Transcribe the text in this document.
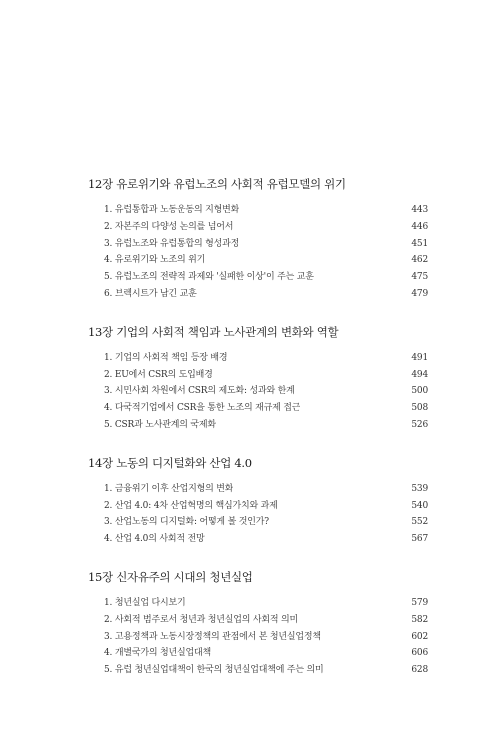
12장 유로위기와 유럽노조의 사회적 유럽모델의 위기
1. 유럽통합과 노동운동의 지형변화	443
2. 자본주의 다양성 논의를 넘어서	446
3. 유럽노조와 유럽통합의 형성과정	451
4. 유로위기와 노조의 위기	462
5. 유럽노조의 전략적 과제와 '실패한 이상'이 주는 교훈	475
6. 브렉시트가 남긴 교훈	479
13장 기업의 사회적 책임과 노사관계의 변화와 역할
1. 기업의 사회적 책임 등장 배경	491
2. EU에서 CSR의 도입배경	494
3. 시민사회 차원에서 CSR의 제도화: 성과와 한계	500
4. 다국적기업에서 CSR을 통한 노조의 재규제 접근	508
5. CSR과 노사관계의 국제화	526
14장 노동의 디지털화와 산업 4.0
1. 금융위기 이후 산업지형의 변화	539
2. 산업 4.0: 4차 산업혁명의 핵심가치와 과제	540
3. 산업노동의 디지털화: 어떻게 볼 것인가?	552
4. 산업 4.0의 사회적 전망	567
15장 신자유주의 시대의 청년실업
1. 청년실업 다시보기	579
2. 사회적 범주로서 청년과 청년실업의 사회적 의미	582
3. 고용정책과 노동시장정책의 관점에서 본 청년실업정책	602
4. 개별국가의 청년실업대책	606
5. 유럽 청년실업대책이 한국의 청년실업대책에 주는 의미	628
